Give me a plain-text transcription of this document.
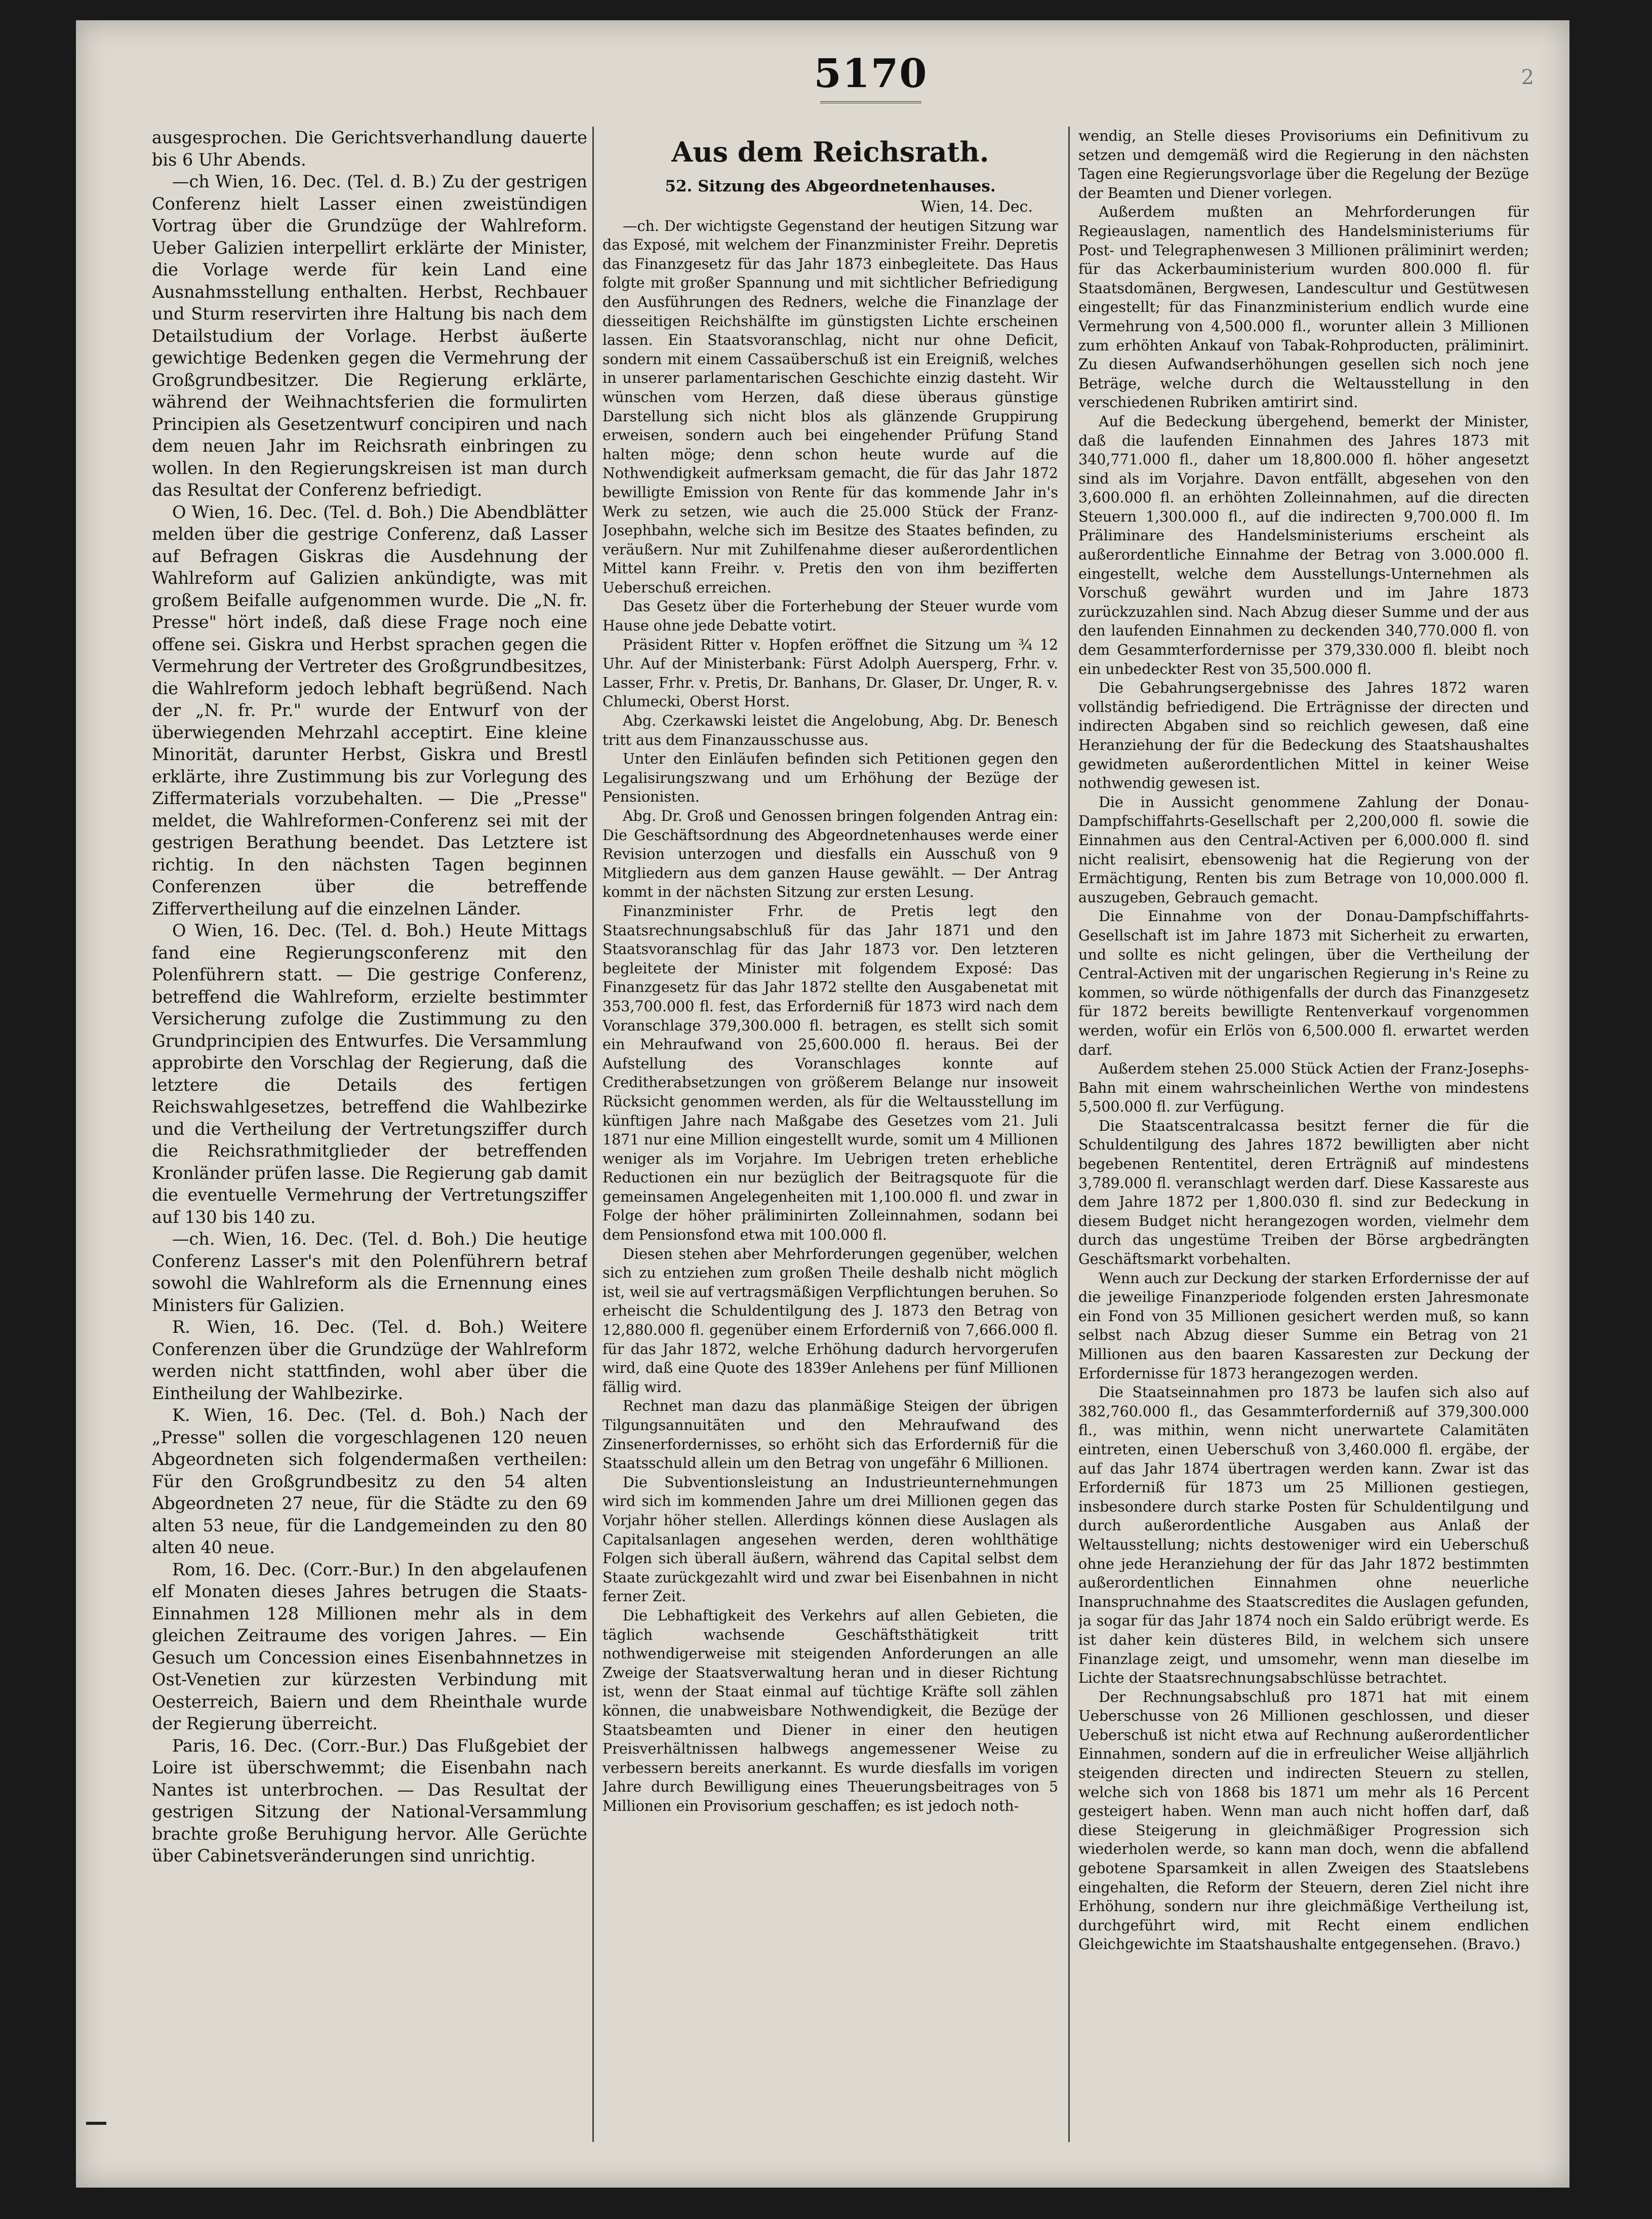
5170	2

ausgesprochen. Die Gerichtsverhandlung dauerte bis 6 Uhr Abends.

—ch Wien, 16. Dec. (Tel. d. B.) Zu der gestrigen Conferenz hielt Lasser einen zweistündigen Vortrag über die Grundzüge der Wahlreform. Ueber Galizien interpellirt erklärte der Minister, die Vorlage werde für kein Land eine Ausnahmsstellung enthalten. Herbst, Rechbauer und Sturm reservirten ihre Haltung bis nach dem Detailstudium der Vorlage. Herbst äußerte gewichtige Bedenken gegen die Vermehrung der Großgrundbesitzer. Die Regierung erklärte, während der Weihnachtsferien die formulirten Principien als Gesetzentwurf concipiren und nach dem neuen Jahr im Reichsrath einbringen zu wollen. In den Regierungskreisen ist man durch das Resultat der Conferenz befriedigt.

O Wien, 16. Dec. (Tel. d. Boh.) Die Abendblätter melden über die gestrige Conferenz, daß Lasser auf Befragen Giskras die Ausdehnung der Wahlreform auf Galizien ankündigte, was mit großem Beifalle aufgenommen wurde. Die „N. fr. Presse" hört indeß, daß diese Frage noch eine offene sei. Giskra und Herbst sprachen gegen die Vermehrung der Vertreter des Großgrundbesitzes, die Wahlreform jedoch lebhaft begrüßend. Nach der „N. fr. Pr." wurde der Entwurf von der überwiegenden Mehrzahl acceptirt. Eine kleine Minorität, darunter Herbst, Giskra und Brestl erklärte, ihre Zustimmung bis zur Vorlegung des Ziffermaterials vorzubehalten. — Die „Presse" meldet, die Wahlreformen-Conferenz sei mit der gestrigen Berathung beendet. Das Letztere ist richtig. In den nächsten Tagen beginnen Conferenzen über die betreffende Ziffervertheilung auf die einzelnen Länder.

O Wien, 16. Dec. (Tel. d. Boh.) Heute Mittags fand eine Regierungsconferenz mit den Polenführern statt. — Die gestrige Conferenz, betreffend die Wahlreform, erzielte bestimmter Versicherung zufolge die Zustimmung zu den Grundprincipien des Entwurfes. Die Versammlung approbirte den Vorschlag der Regierung, daß die letztere die Details des fertigen Reichswahlgesetzes, betreffend die Wahlbezirke und die Vertheilung der Vertretungsziffer durch die Reichsrathmitglieder der betreffenden Kronländer prüfen lasse. Die Regierung gab damit die eventuelle Vermehrung der Vertretungsziffer auf 130 bis 140 zu.

—ch. Wien, 16. Dec. (Tel. d. Boh.) Die heutige Conferenz Lasser's mit den Polenführern betraf sowohl die Wahlreform als die Ernennung eines Ministers für Galizien.

R. Wien, 16. Dec. (Tel. d. Boh.) Weitere Conferenzen über die Grundzüge der Wahlreform werden nicht stattfinden, wohl aber über die Eintheilung der Wahlbezirke.

K. Wien, 16. Dec. (Tel. d. Boh.) Nach der „Presse" sollen die vorgeschlagenen 120 neuen Abgeordneten sich folgendermaßen vertheilen: Für den Großgrundbesitz zu den 54 alten Abgeordneten 27 neue, für die Städte zu den 69 alten 53 neue, für die Landgemeinden zu den 80 alten 40 neue.

Rom, 16. Dec. (Corr.-Bur.) In den abgelaufenen elf Monaten dieses Jahres betrugen die Staats-Einnahmen 128 Millionen mehr als in dem gleichen Zeitraume des vorigen Jahres. — Ein Gesuch um Concession eines Eisenbahnnetzes in Ost-Venetien zur kürzesten Verbindung mit Oesterreich, Baiern und dem Rheinthale wurde der Regierung überreicht.

Paris, 16. Dec. (Corr.-Bur.) Das Flußgebiet der Loire ist überschwemmt; die Eisenbahn nach Nantes ist unterbrochen. — Das Resultat der gestrigen Sitzung der National-Versammlung brachte große Beruhigung hervor. Alle Gerüchte über Cabinetsveränderungen sind unrichtig.

Aus dem Reichsrath.

52. Sitzung des Abgeordnetenhauses.

Wien, 14. Dec.

—ch. Der wichtigste Gegenstand der heutigen Sitzung war das Exposé, mit welchem der Finanzminister Freihr. Depretis das Finanzgesetz für das Jahr 1873 einbegleitete. Das Haus folgte mit großer Spannung und mit sichtlicher Befriedigung den Ausführungen des Redners, welche die Finanzlage der diesseitigen Reichshälfte im günstigsten Lichte erscheinen lassen. Ein Staatsvoranschlag, nicht nur ohne Deficit, sondern mit einem Cassaüberschuß ist ein Ereigniß, welches in unserer parlamentarischen Geschichte einzig dasteht. Wir wünschen vom Herzen, daß diese überaus günstige Darstellung sich nicht blos als glänzende Gruppirung erweisen, sondern auch bei eingehender Prüfung Stand halten möge; denn schon heute wurde auf die Nothwendigkeit aufmerksam gemacht, die für das Jahr 1872 bewilligte Emission von Rente für das kommende Jahr in's Werk zu setzen, wie auch die 25.000 Stück der Franz-Josephbahn, welche sich im Besitze des Staates befinden, zu veräußern. Nur mit Zuhilfenahme dieser außerordentlichen Mittel kann Freihr. v. Pretis den von ihm bezifferten Ueberschuß erreichen.

Das Gesetz über die Forterhebung der Steuer wurde vom Hause ohne jede Debatte votirt.

Präsident Ritter v. Hopfen eröffnet die Sitzung um ¾ 12 Uhr. Auf der Ministerbank: Fürst Adolph Auersperg, Frhr. v. Lasser, Frhr. v. Pretis, Dr. Banhans, Dr. Glaser, Dr. Unger, R. v. Chlumecki, Oberst Horst.

Abg. Czerkawski leistet die Angelobung, Abg. Dr. Benesch tritt aus dem Finanzausschusse aus.

Unter den Einläufen befinden sich Petitionen gegen den Legalisirungszwang und um Erhöhung der Bezüge der Pensionisten.

Abg. Dr. Groß und Genossen bringen folgenden Antrag ein: Die Geschäftsordnung des Abgeordnetenhauses werde einer Revision unterzogen und diesfalls ein Ausschuß von 9 Mitgliedern aus dem ganzen Hause gewählt. — Der Antrag kommt in der nächsten Sitzung zur ersten Lesung.

Finanzminister Frhr. de Pretis legt den Staatsrechnungsabschluß für das Jahr 1871 und den Staatsvoranschlag für das Jahr 1873 vor. Den letzteren begleitete der Minister mit folgendem Exposé: Das Finanzgesetz für das Jahr 1872 stellte den Ausgabenetat mit 353,700.000 fl. fest, das Erforderniß für 1873 wird nach dem Voranschlage 379,300.000 fl. betragen, es stellt sich somit ein Mehraufwand von 25,600.000 fl. heraus. Bei der Aufstellung des Voranschlages konnte auf Creditherabsetzungen von größerem Belange nur insoweit Rücksicht genommen werden, als für die Weltausstellung im künftigen Jahre nach Maßgabe des Gesetzes vom 21. Juli 1871 nur eine Million eingestellt wurde, somit um 4 Millionen weniger als im Vorjahre. Im Uebrigen treten erhebliche Reductionen ein nur bezüglich der Beitragsquote für die gemeinsamen Angelegenheiten mit 1,100.000 fl. und zwar in Folge der höher präliminirten Zolleinnahmen, sodann bei dem Pensionsfond etwa mit 100.000 fl.

Diesen stehen aber Mehrforderungen gegenüber, welchen sich zu entziehen zum großen Theile deshalb nicht möglich ist, weil sie auf vertragsmäßigen Verpflichtungen beruhen. So erheischt die Schuldentilgung des J. 1873 den Betrag von 12,880.000 fl. gegenüber einem Erforderniß von 7,666.000 fl. für das Jahr 1872, welche Erhöhung dadurch hervorgerufen wird, daß eine Quote des 1839er Anlehens per fünf Millionen fällig wird.

Rechnet man dazu das planmäßige Steigen der übrigen Tilgungsannuitäten und den Mehraufwand des Zinsenerfordernisses, so erhöht sich das Erforderniß für die Staatsschuld allein um den Betrag von ungefähr 6 Millionen.

Die Subventionsleistung an Industrieunternehmungen wird sich im kommenden Jahre um drei Millionen gegen das Vorjahr höher stellen. Allerdings können diese Auslagen als Capitalsanlagen angesehen werden, deren wohlthätige Folgen sich überall äußern, während das Capital selbst dem Staate zurückgezahlt wird und zwar bei Eisenbahnen in nicht ferner Zeit.

Die Lebhaftigkeit des Verkehrs auf allen Gebieten, die täglich wachsende Geschäftsthätigkeit tritt nothwendigerweise mit steigenden Anforderungen an alle Zweige der Staatsverwaltung heran und in dieser Richtung ist, wenn der Staat einmal auf tüchtige Kräfte soll zählen können, die unabweisbare Nothwendigkeit, die Bezüge der Staatsbeamten und Diener in einer den heutigen Preisverhältnissen halbwegs angemessener Weise zu verbessern bereits anerkannt. Es wurde diesfalls im vorigen Jahre durch Bewilligung eines Theuerungsbeitrages von 5 Millionen ein Provisorium geschaffen; es ist jedoch noth-

wendig, an Stelle dieses Provisoriums ein Definitivum zu setzen und demgemäß wird die Regierung in den nächsten Tagen eine Regierungsvorlage über die Regelung der Bezüge der Beamten und Diener vorlegen.

Außerdem mußten an Mehrforderungen für Regieauslagen, namentlich des Handelsministeriums für Post- und Telegraphenwesen 3 Millionen präliminirt werden; für das Ackerbauministerium wurden 800.000 fl. für Staatsdomänen, Bergwesen, Landescultur und Gestütwesen eingestellt; für das Finanzministerium endlich wurde eine Vermehrung von 4,500.000 fl., worunter allein 3 Millionen zum erhöhten Ankauf von Tabak-Rohproducten, präliminirt. Zu diesen Aufwandserhöhungen gesellen sich noch jene Beträge, welche durch die Weltausstellung in den verschiedenen Rubriken amtirirt sind.

Auf die Bedeckung übergehend, bemerkt der Minister, daß die laufenden Einnahmen des Jahres 1873 mit 340,771.000 fl., daher um 18,800.000 fl. höher angesetzt sind als im Vorjahre. Davon entfällt, abgesehen von den 3,600.000 fl. an erhöhten Zolleinnahmen, auf die directen Steuern 1,300.000 fl., auf die indirecten 9,700.000 fl. Im Präliminare des Handelsministeriums erscheint als außerordentliche Einnahme der Betrag von 3.000.000 fl. eingestellt, welche dem Ausstellungs-Unternehmen als Vorschuß gewährt wurden und im Jahre 1873 zurückzuzahlen sind. Nach Abzug dieser Summe und der aus den laufenden Einnahmen zu deckenden 340,770.000 fl. von dem Gesammterfordernisse per 379,330.000 fl. bleibt noch ein unbedeckter Rest von 35,500.000 fl.

Die Gebahrungsergebnisse des Jahres 1872 waren vollständig befriedigend. Die Erträgnisse der directen und indirecten Abgaben sind so reichlich gewesen, daß eine Heranziehung der für die Bedeckung des Staatshaushaltes gewidmeten außerordentlichen Mittel in keiner Weise nothwendig gewesen ist.

Die in Aussicht genommene Zahlung der Donau-Dampfschiffahrts-Gesellschaft per 2,200,000 fl. sowie die Einnahmen aus den Central-Activen per 6,000.000 fl. sind nicht realisirt, ebensowenig hat die Regierung von der Ermächtigung, Renten bis zum Betrage von 10,000.000 fl. auszugeben, Gebrauch gemacht.

Die Einnahme von der Donau-Dampfschiffahrts-Gesellschaft ist im Jahre 1873 mit Sicherheit zu erwarten, und sollte es nicht gelingen, über die Vertheilung der Central-Activen mit der ungarischen Regierung in's Reine zu kommen, so würde nöthigenfalls der durch das Finanzgesetz für 1872 bereits bewilligte Rentenverkauf vorgenommen werden, wofür ein Erlös von 6,500.000 fl. erwartet werden darf.

Außerdem stehen 25.000 Stück Actien der Franz-Josephs-Bahn mit einem wahrscheinlichen Werthe von mindestens 5,500.000 fl. zur Verfügung.

Die Staatscentralcassa besitzt ferner die für die Schuldentilgung des Jahres 1872 bewilligten aber nicht begebenen Rententitel, deren Erträgniß auf mindestens 3,789.000 fl. veranschlagt werden darf. Diese Kassareste aus dem Jahre 1872 per 1,800.030 fl. sind zur Bedeckung in diesem Budget nicht herangezogen worden, vielmehr dem durch das ungestüme Treiben der Börse argbedrängten Geschäftsmarkt vorbehalten.

Wenn auch zur Deckung der starken Erfordernisse der auf die jeweilige Finanzperiode folgenden ersten Jahresmonate ein Fond von 35 Millionen gesichert werden muß, so kann selbst nach Abzug dieser Summe ein Betrag von 21 Millionen aus den baaren Kassaresten zur Deckung der Erfordernisse für 1873 herangezogen werden.

Die Staatseinnahmen pro 1873 be laufen sich also auf 382,760.000 fl., das Gesammterforderniß auf 379,300.000 fl., was mithin, wenn nicht unerwartete Calamitäten eintreten, einen Ueberschuß von 3,460.000 fl. ergäbe, der auf das Jahr 1874 übertragen werden kann. Zwar ist das Erforderniß für 1873 um 25 Millionen gestiegen, insbesondere durch starke Posten für Schuldentilgung und durch außerordentliche Ausgaben aus Anlaß der Weltausstellung; nichts destoweniger wird ein Ueberschuß ohne jede Heranziehung der für das Jahr 1872 bestimmten außerordentlichen Einnahmen ohne neuerliche Inanspruchnahme des Staatscredites die Auslagen gefunden, ja sogar für das Jahr 1874 noch ein Saldo erübrigt werde. Es ist daher kein düsteres Bild, in welchem sich unsere Finanzlage zeigt, und umsomehr, wenn man dieselbe im Lichte der Staatsrechnungsabschlüsse betrachtet.

Der Rechnungsabschluß pro 1871 hat mit einem Ueberschusse von 26 Millionen geschlossen, und dieser Ueberschuß ist nicht etwa auf Rechnung außerordentlicher Einnahmen, sondern auf die in erfreulicher Weise alljährlich steigenden directen und indirecten Steuern zu stellen, welche sich von 1868 bis 1871 um mehr als 16 Percent gesteigert haben. Wenn man auch nicht hoffen darf, daß diese Steigerung in gleichmäßiger Progression sich wiederholen werde, so kann man doch, wenn die abfallend gebotene Sparsamkeit in allen Zweigen des Staatslebens eingehalten, die Reform der Steuern, deren Ziel nicht ihre Erhöhung, sondern nur ihre gleichmäßige Vertheilung ist, durchgeführt wird, mit Recht einem endlichen Gleichgewichte im Staatshaushalte entgegensehen. (Bravo.)
